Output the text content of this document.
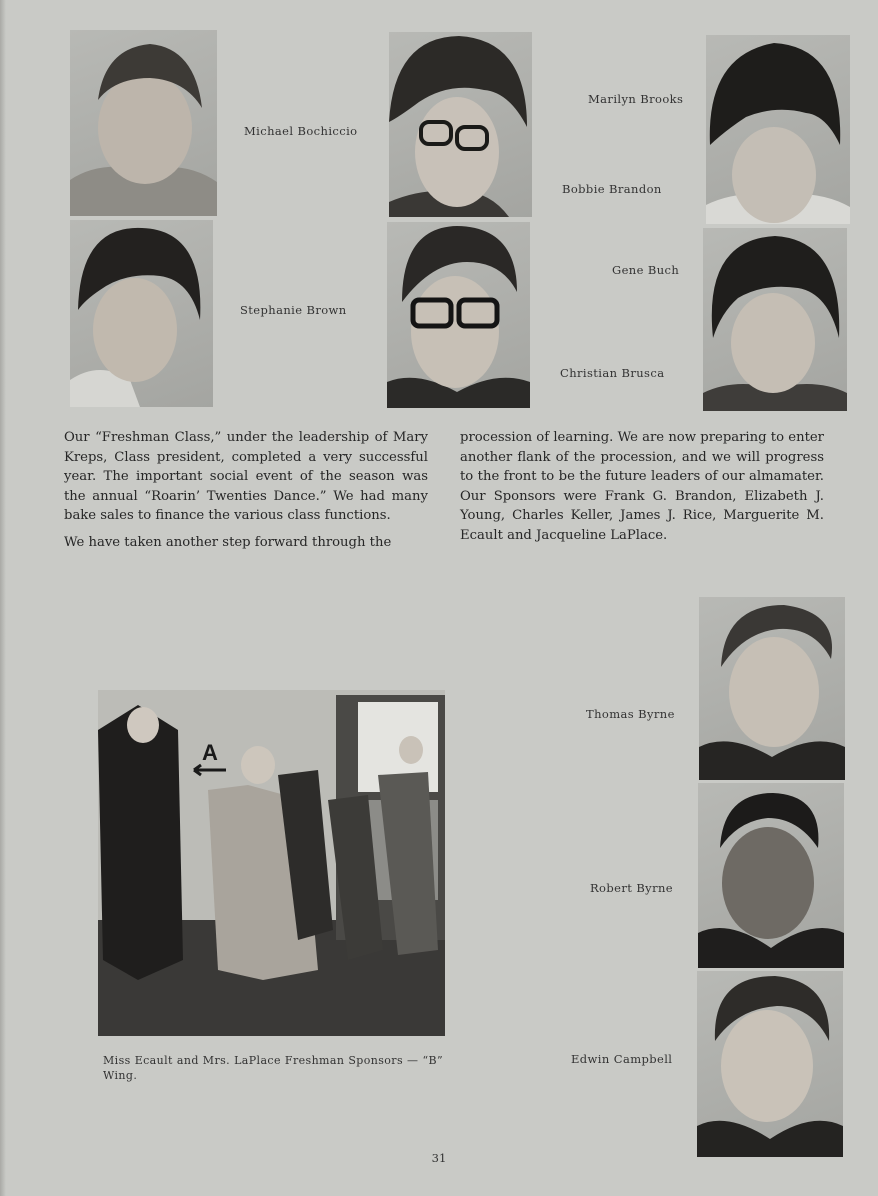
Michael Bochiccio
Marilyn Brooks
Bobbie Brandon
Stephanie Brown
Christian Brusca
Gene Buch

Our “Freshman Class,” under the leadership of Mary Kreps, Class president, completed a very successful year. The important social event of the season was the annual “Roarin’ Twenties Dance.” We had many bake sales to finance the various class functions.

We have taken another step forward through the

procession of learning. We are now preparing to enter another flank of the procession, and we will progress to the front to be the future leaders of our almamater. Our Sponsors were Frank G. Brandon, Elizabeth J. Young, Charles Keller, James J. Rice, Marguerite M. Ecault and Jacqueline LaPlace.

A
Miss Ecault and Mrs. LaPlace Freshman Sponsors — “B” Wing.
Thomas Byrne
Robert Byrne
Edwin Campbell
31
